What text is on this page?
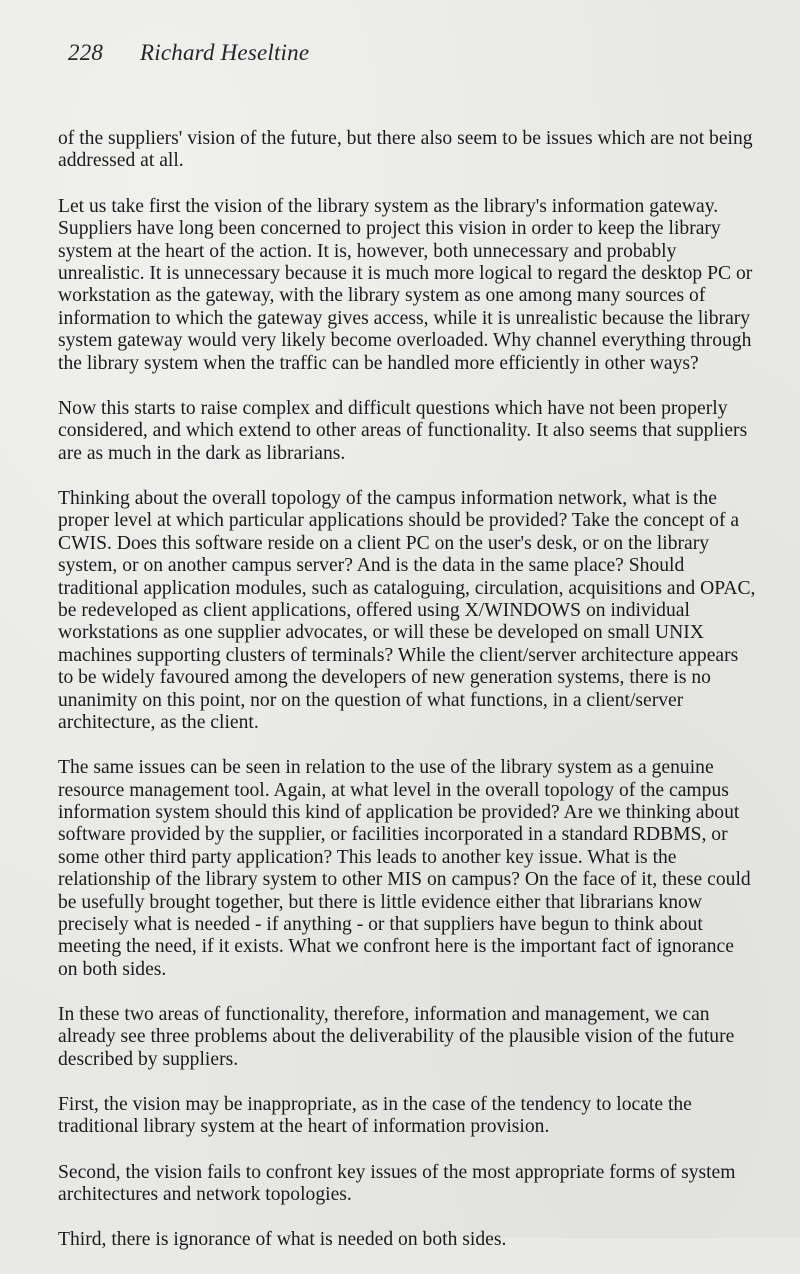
228 Richard Heseltine

of the suppliers' vision of the future, but there also seem to be issues which are not being addressed at all.

Let us take first the vision of the library system as the library's information gateway. Suppliers have long been concerned to project this vision in order to keep the library system at the heart of the action. It is, however, both unnecessary and probably unrealistic. It is unnecessary because it is much more logical to regard the desktop PC or workstation as the gateway, with the library system as one among many sources of information to which the gateway gives access, while it is unrealistic because the library system gateway would very likely become overloaded. Why channel everything through the library system when the traffic can be handled more efficiently in other ways?

Now this starts to raise complex and difficult questions which have not been properly considered, and which extend to other areas of functionality. It also seems that suppliers are as much in the dark as librarians.

Thinking about the overall topology of the campus information network, what is the proper level at which particular applications should be provided? Take the concept of a CWIS. Does this software reside on a client PC on the user's desk, or on the library system, or on another campus server? And is the data in the same place? Should traditional application modules, such as cataloguing, circulation, acquisitions and OPAC, be redeveloped as client applications, offered using X/WINDOWS on individual workstations as one supplier advocates, or will these be developed on small UNIX machines supporting clusters of terminals? While the client/server architecture appears to be widely favoured among the developers of new generation systems, there is no unanimity on this point, nor on the question of what functions, in a client/server architecture, as the client.

The same issues can be seen in relation to the use of the library system as a genuine resource management tool. Again, at what level in the overall topology of the campus information system should this kind of application be provided? Are we thinking about software provided by the supplier, or facilities incorporated in a standard RDBMS, or some other third party application? This leads to another key issue. What is the relationship of the library system to other MIS on campus? On the face of it, these could be usefully brought together, but there is little evidence either that librarians know precisely what is needed - if anything - or that suppliers have begun to think about meeting the need, if it exists. What we confront here is the important fact of ignorance on both sides.

In these two areas of functionality, therefore, information and management, we can already see three problems about the deliverability of the plausible vision of the future described by suppliers.

First, the vision may be inappropriate, as in the case of the tendency to locate the traditional library system at the heart of information provision.

Second, the vision fails to confront key issues of the most appropriate forms of system architectures and network topologies.

Third, there is ignorance of what is needed on both sides.
